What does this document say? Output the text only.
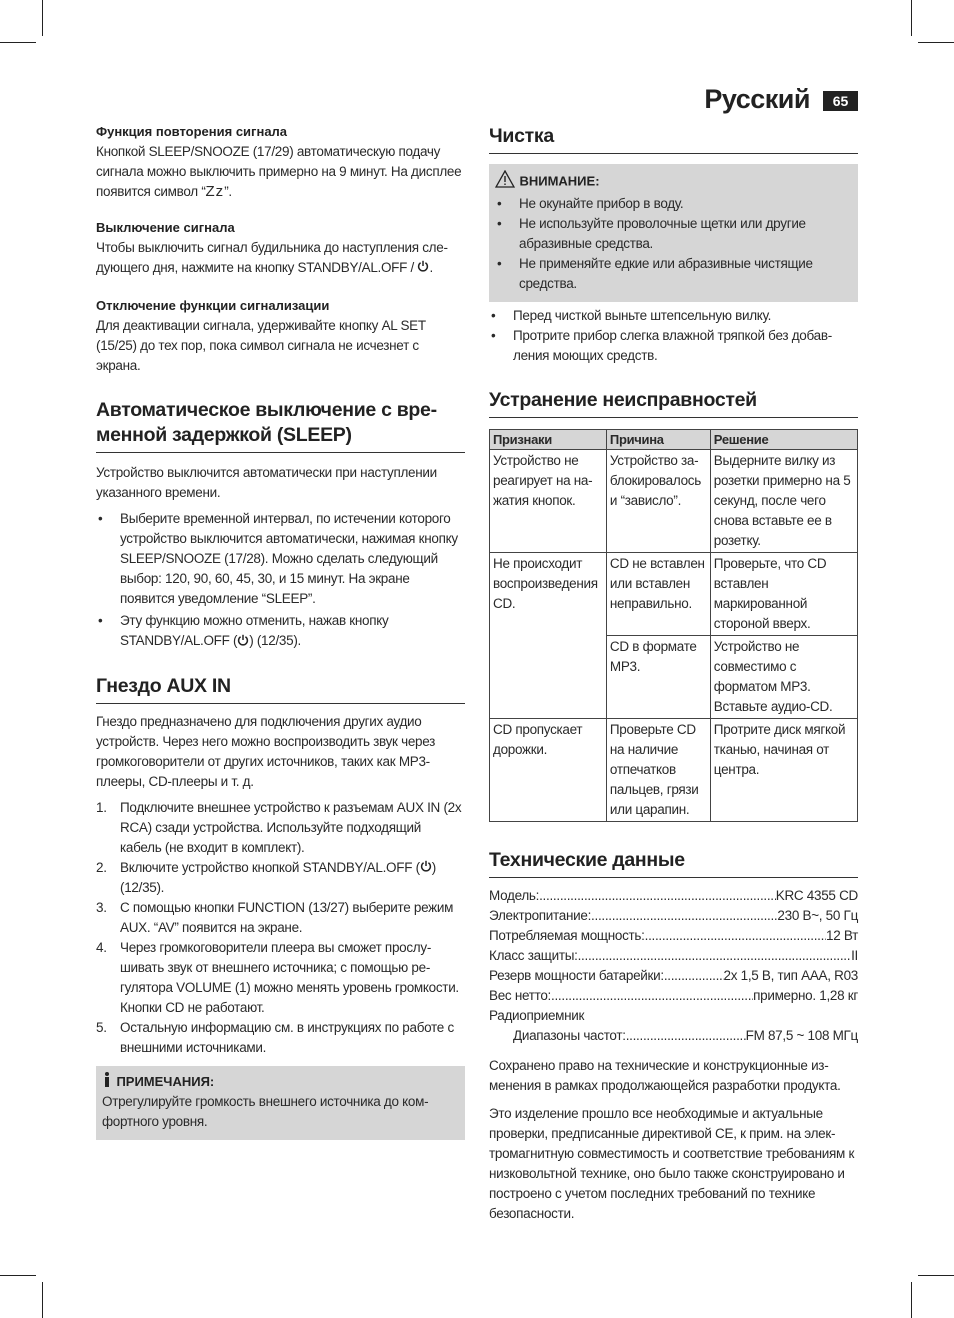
Русский	65
Функция повторения сигнала

Кнопкой SLEEP/SNOOZE (17/29) автоматическую подачу сигнала можно выключить примерно на 9 минут. На дисплее появится символ “Zz”.

Выключение сигнала

Чтобы выключить сигнал будильника до наступления следующего дня, нажмите на кнопку STANDBY/AL.OFF / .

Отключение функции сигнализации

Для деактивации сигнала, удерживайте кнопку AL SET (15/25) до тех пор, пока символ сигнала не исчезнет с экрана.

Автоматическое выключение с временной задержкой (SLEEP)

Устройство выключится автоматически при наступлении указанного времени.

• Выберите временной интервал, по истечении которого устройство выключится автоматически, нажимая кнопку SLEEP/SNOOZE (17/28). Можно сделать следующий выбор: 120, 90, 60, 45, 30, и 15 минут. На экране появится уведомление “SLEEP”.
• Эту функцию можно отменить, нажав кнопку STANDBY/AL.OFF ( ) (12/35).
Гнездо AUX IN

Гнездо предназначено для подключения других аудио устройств. Через него можно воспроизводить звук через громкоговорители от других источников, таких как MP3-плееры, CD-плееры и т. д.

1. Подключите внешнее устройство к разъемам AUX IN (2x RCA) сзади устройства. Используйте подходящий кабель (не входит в комплект).
2. Включите устройство кнопкой STANDBY/AL.OFF ( ) (12/35).
3. С помощью кнопки FUNCTION (13/27) выберите режим AUX. “AV” появится на экране.
4. Через громкоговорители плеера вы сможет прослушивать звук от внешнего источника; с помощью регулятора VOLUME (1) можно менять уровень громкости. Кнопки CD не работают.
5. Остальную информацию см. в инструкциях по работе с внешними источниками.
ПРИМЕЧАНИЯ:

Отрегулируйте громкость внешнего источника до комфортного уровня.

Чистка
ВНИМАНИЕ:
• Не окунайте прибор в воду.
• Не используйте проволочные щетки или другие абразивные средства.
• Не применяйте едкие или абразивные чистящие средства.
• Перед чисткой выньте штепсельную вилку.
• Протрите прибор слегка влажной тряпкой без добавления моющих средств.
Устранение неисправностей
Признаки	Причина	Решение
Устройство не реагирует на нажатия кнопок.	Устройство заблокировалось и “зависло”.	Выдерните вилку из розетки примерно на 5 секунд, после чего снова вставьте ее в розетку.
Не происходит воспроизведения CD.	CD не вставлен или вставлен неправильно.	Проверьте, что CD вставлен маркированной стороной вверх.
	CD в формате MP3.	Устройство не совместимо с форматом MP3. Вставьте аудио-CD.
CD пропускает дорожки.	Проверьте CD на наличие отпечатков пальцев, грязи или царапин.	Протрите диск мягкой тканью, начиная от центра.
Технические данные
Модель: .....	KRC 4355 CD
Электропитание: .....	230 В~, 50 Гц
Потребляемая мощность: .....	12 Вт
Класс защиты: .....	II
Резерв мощности батарейки: .....	2x 1,5 В, тип AAA, R03
Вес нетто: .....	примерно. 1,28 кг
Радиоприемник
Диапазоны частот: .....	FM 87,5 ~ 108 МГц

Сохранено право на технические и конструкционные изменения в рамках продолжающейся разработки продукта.

Это изделение прошло все необходимые и актуальные проверки, предписанные директивой CE, к прим. на электромагнитную совместимость и соответствие требованиям к низковольтной технике, оно было также сконструировано и построено с учетом последних требований по технике безопасности.
